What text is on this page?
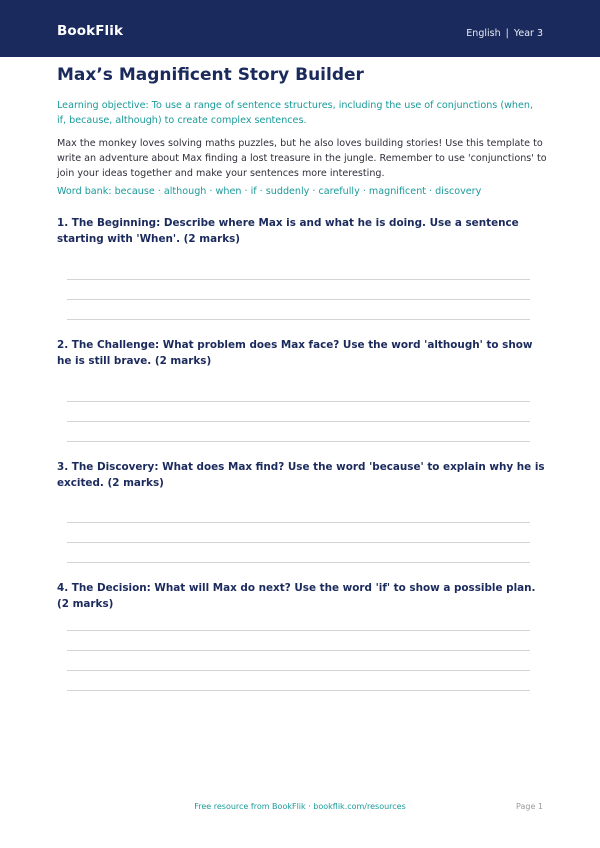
BookFlik	English | Year 3
Max’s Magnificent Story Builder

Learning objective: To use a range of sentence structures, including the use of conjunctions (when, if, because, although) to create complex sentences.

Max the monkey loves solving maths puzzles, but he also loves building stories! Use this template to write an adventure about Max finding a lost treasure in the jungle. Remember to use 'conjunctions' to join your ideas together and make your sentences more interesting.

Word bank: because · although · when · if · suddenly · carefully · magnificent · discovery

1. The Beginning: Describe where Max is and what he is doing. Use a sentence starting with 'When'. (2 marks)
2. The Challenge: What problem does Max face? Use the word 'although' to show he is still brave. (2 marks)
3. The Discovery: What does Max find? Use the word 'because' to explain why he is excited. (2 marks)
4. The Decision: What will Max do next? Use the word 'if' to show a possible plan. (2 marks)
Free resource from BookFlik · bookflik.com/resources	Page 1
